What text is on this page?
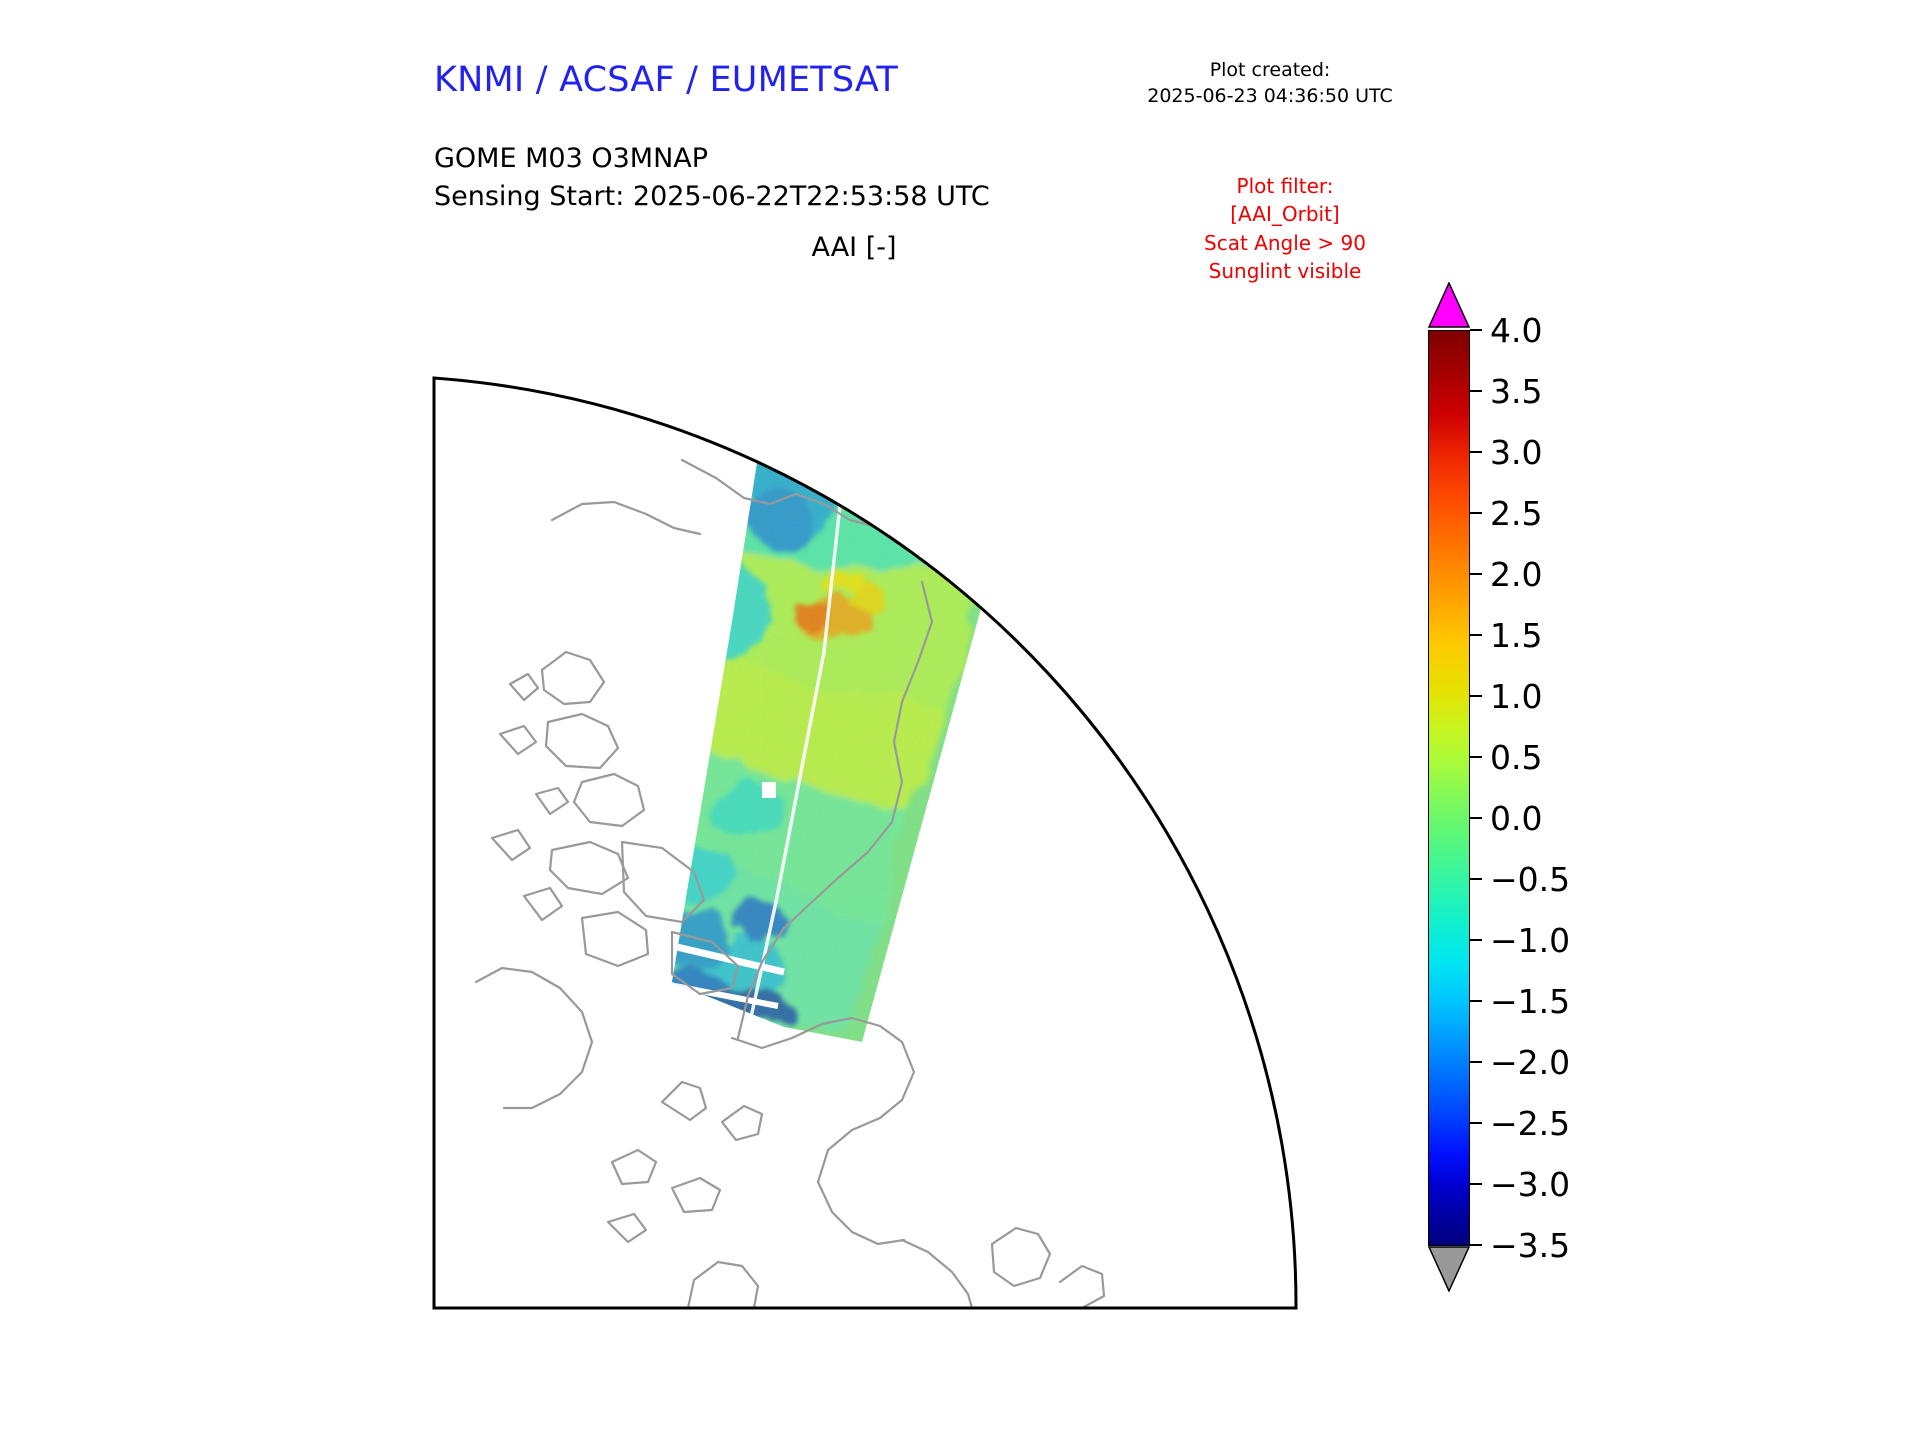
KNMI / ACSAF / EUMETSAT	Plot created:
2025-06-23 04:36:50 UTC
GOME M03 O3MNAP
Sensing Start: 2025-06-22T22:53:58 UTC
AAI [-]
Plot filter:
[AAI_Orbit]
Scat Angle > 90
Sunglint visible
4.0
3.5
3.0
2.5
2.0
1.5
1.0
0.5
0.0
−0.5
−1.0
−1.5
−2.0
−2.5
−3.0
−3.5
